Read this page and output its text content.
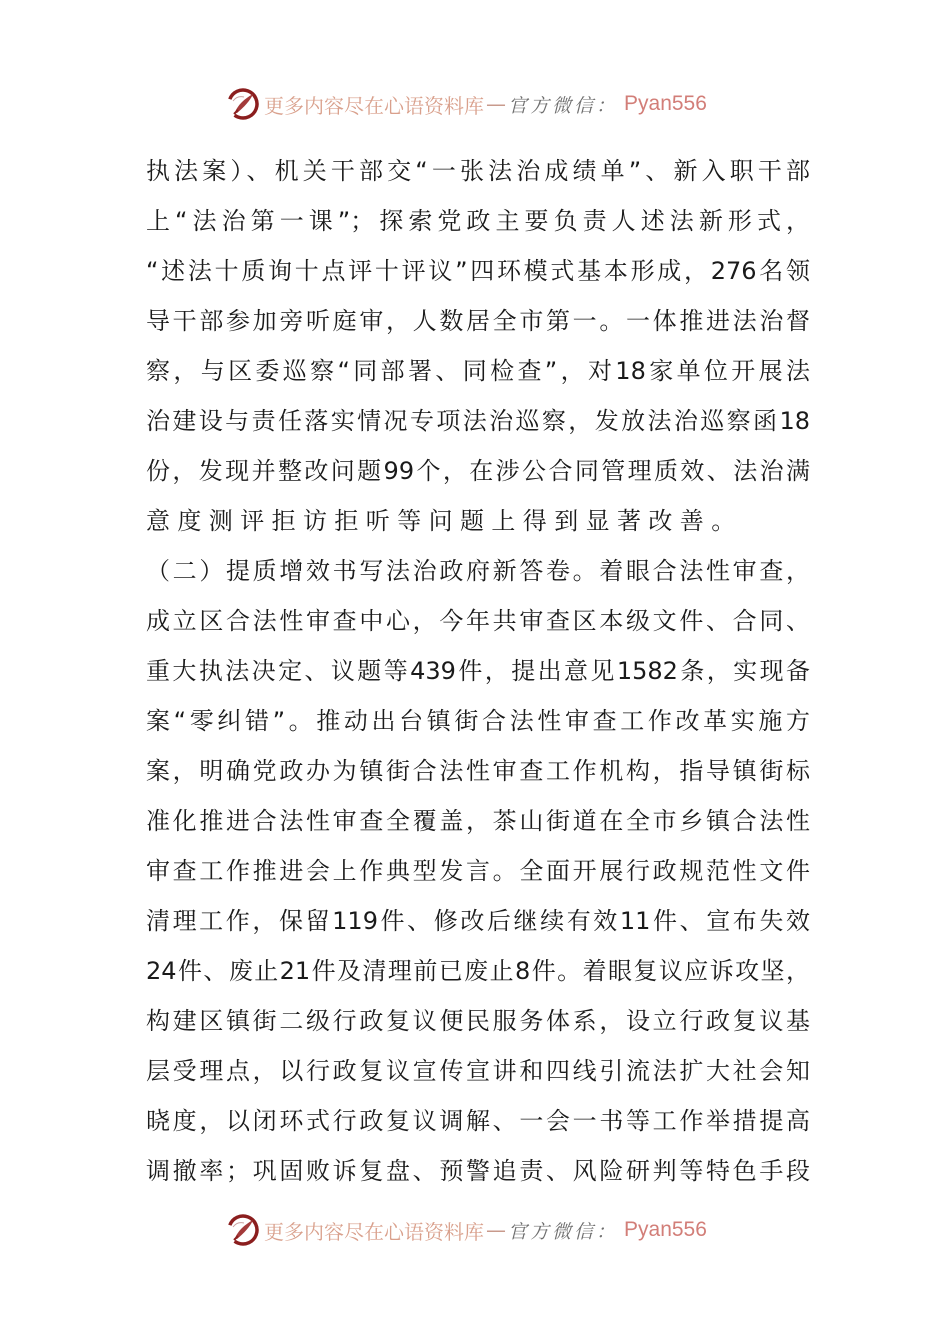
更多内容尽在心语资料库 — 官方微信： Pyan556
执法案）、机关干部交“一张法治成绩单”、新入职干部
上“法治第一课”；探索党政主要负责人述法新形式，
“述法十质询十点评十评议”四环模式基本形成，276名领
导干部参加旁听庭审，人数居全市第一。一体推进法治督
察，与区委巡察“同部署、同检查”，对18家单位开展法
治建设与责任落实情况专项法治巡察，发放法治巡察函18
份，发现并整改问题99个，在涉公合同管理质效、法治满
意度测评拒访拒听等问题上得到显著改善。
（二）提质增效书写法治政府新答卷。着眼合法性审查，
成立区合法性审查中心，今年共审查区本级文件、合同、
重大执法决定、议题等439件，提出意见1582条，实现备
案“零纠错”。推动出台镇街合法性审查工作改革实施方
案，明确党政办为镇街合法性审查工作机构，指导镇街标
准化推进合法性审查全覆盖，茶山街道在全市乡镇合法性
审查工作推进会上作典型发言。全面开展行政规范性文件
清理工作，保留119件、修改后继续有效11件、宣布失效
24件、废止21件及清理前已废止8件。着眼复议应诉攻坚，
构建区镇街二级行政复议便民服务体系，设立行政复议基
层受理点，以行政复议宣传宣讲和四线引流法扩大社会知
晓度，以闭环式行政复议调解、一会一书等工作举措提高
调撤率；巩固败诉复盘、预警追责、风险研判等特色手段
更多内容尽在心语资料库 — 官方微信： Pyan556
